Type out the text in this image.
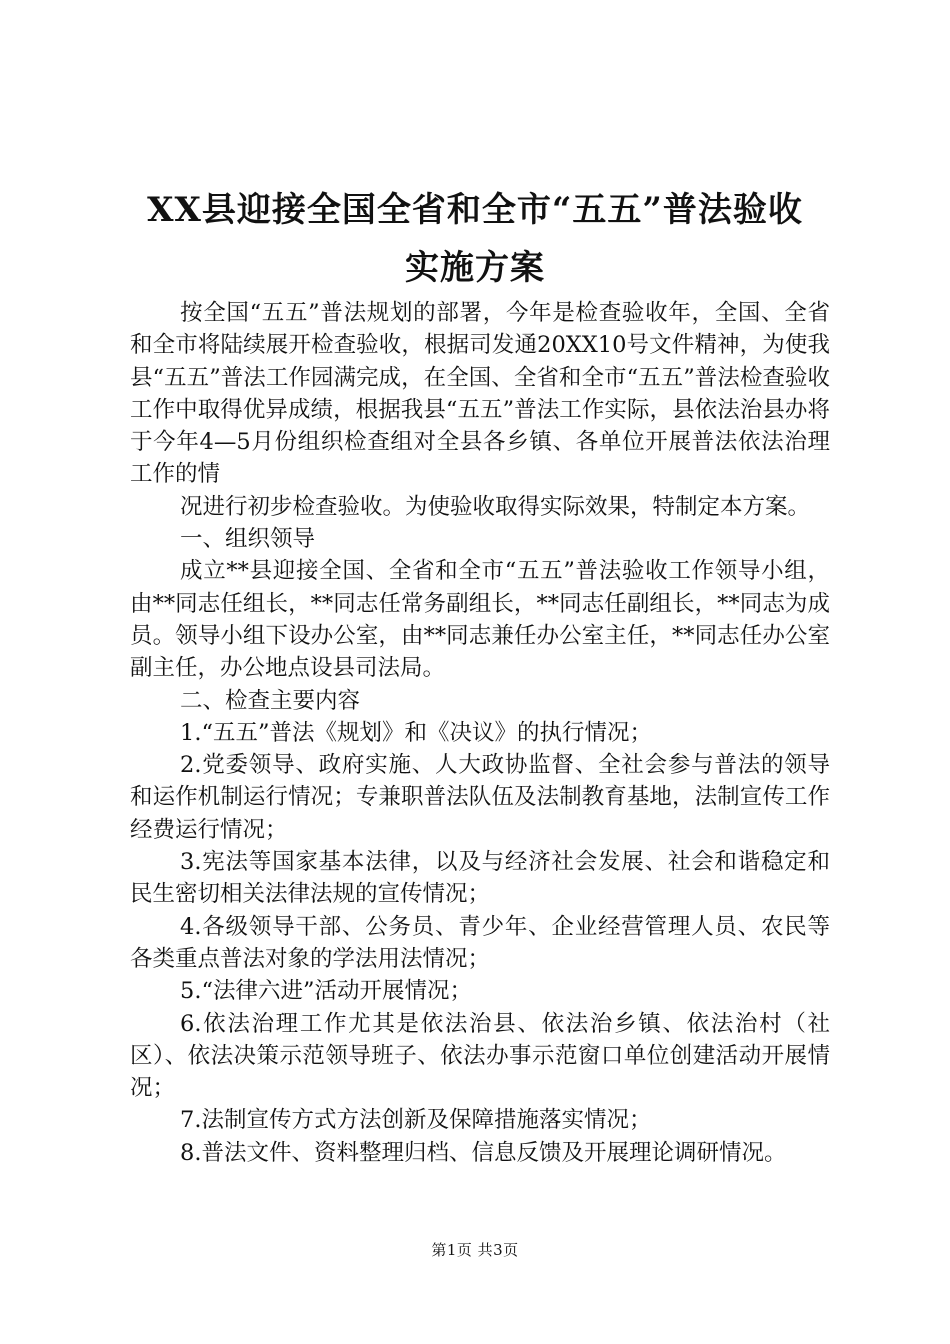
XX县迎接全国全省和全市“五五”普法验收
实施方案

按全国“五五”普法规划的部署，今年是检查验收年，全国、全省和全市将陆续展开检查验收，根据司发通20XX10号文件精神，为使我县“五五”普法工作园满完成，在全国、全省和全市“五五”普法检查验收工作中取得优异成绩，根据我县“五五”普法工作实际，县依法治县办将于今年4—5月份组织检查组对全县各乡镇、各单位开展普法依法治理工作的情

况进行初步检查验收。为使验收取得实际效果，特制定本方案。

一、组织领导

成立**县迎接全国、全省和全市“五五”普法验收工作领导小组，由**同志任组长，**同志任常务副组长，**同志任副组长，**同志为成员。领导小组下设办公室，由**同志兼任办公室主任，**同志任办公室副主任，办公地点设县司法局。

二、检查主要内容

1.“五五”普法《规划》和《决议》的执行情况；

2.党委领导、政府实施、人大政协监督、全社会参与普法的领导和运作机制运行情况；专兼职普法队伍及法制教育基地，法制宣传工作经费运行情况；

3.宪法等国家基本法律，以及与经济社会发展、社会和谐稳定和民生密切相关法律法规的宣传情况；

4.各级领导干部、公务员、青少年、企业经营管理人员、农民等各类重点普法对象的学法用法情况；

5.“法律六进”活动开展情况；

6.依法治理工作尤其是依法治县、依法治乡镇、依法治村（社区）、依法决策示范领导班子、依法办事示范窗口单位创建活动开展情况；

7.法制宣传方式方法创新及保障措施落实情况；

8.普法文件、资料整理归档、信息反馈及开展理论调研情况。

第1页 共3页
